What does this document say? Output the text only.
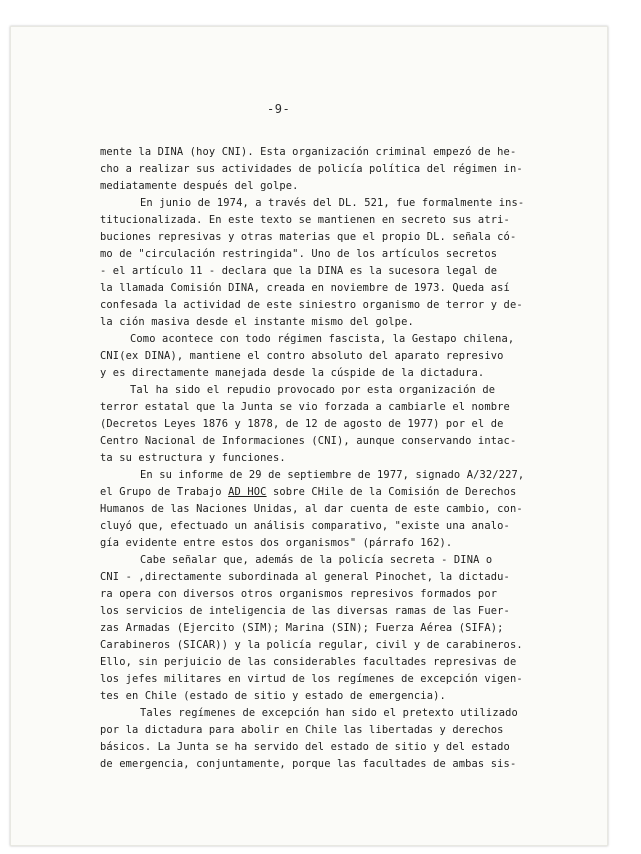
-9-
mente la DINA (hoy CNI). Esta organización criminal empezó de he-
cho a realizar sus actividades de policía política del régimen in-
mediatamente después del golpe.
En junio de 1974, a través del DL. 521, fue formalmente ins-
titucionalizada. En este texto se mantienen en secreto sus atri-
buciones represivas y otras materias que el propio DL. señala có-
mo de "circulación restringida". Uno de los artículos secretos
- el artículo 11 - declara que la DINA es la sucesora legal de
la llamada Comisión DINA, creada en noviembre de 1973. Queda así
confesada la actividad de este siniestro organismo de terror y de-
la ción masiva desde el instante mismo del golpe.
Como acontece con todo régimen fascista, la Gestapo chilena,
CNI(ex DINA), mantiene el contro absoluto del aparato represivo
y es directamente manejada desde la cúspide de la dictadura.
Tal ha sido el repudio provocado por esta organización de
terror estatal que la Junta se vio forzada a cambiarle el nombre
(Decretos Leyes 1876 y 1878, de 12 de agosto de 1977) por el de
Centro Nacional de Informaciones (CNI), aunque conservando intac-
ta su estructura y funciones.
En su informe de 29 de septiembre de 1977, signado A/32/227,
el Grupo de Trabajo AD HOC sobre CHile de la Comisión de Derechos
Humanos de las Naciones Unidas, al dar cuenta de este cambio, con-
cluyó que, efectuado un análisis comparativo, "existe una analo-
gía evidente entre estos dos organismos" (párrafo 162).
Cabe señalar que, además de la policía secreta - DINA o
CNI - ,directamente subordinada al general Pinochet, la dictadu-
ra opera con diversos otros organismos represivos formados por
los servicios de inteligencia de las diversas ramas de las Fuer-
zas Armadas (Ejercito (SIM); Marina (SIN); Fuerza Aérea (SIFA);
Carabineros (SICAR)) y la policía regular, civil y de carabineros.
Ello, sin perjuicio de las considerables facultades represivas de
los jefes militares en virtud de los regímenes de excepción vigen-
tes en Chile (estado de sitio y estado de emergencia).
Tales regímenes de excepción han sido el pretexto utilizado
por la dictadura para abolir en Chile las libertadas y derechos
básicos. La Junta se ha servido del estado de sitio y del estado
de emergencia, conjuntamente, porque las facultades de ambas sis-
